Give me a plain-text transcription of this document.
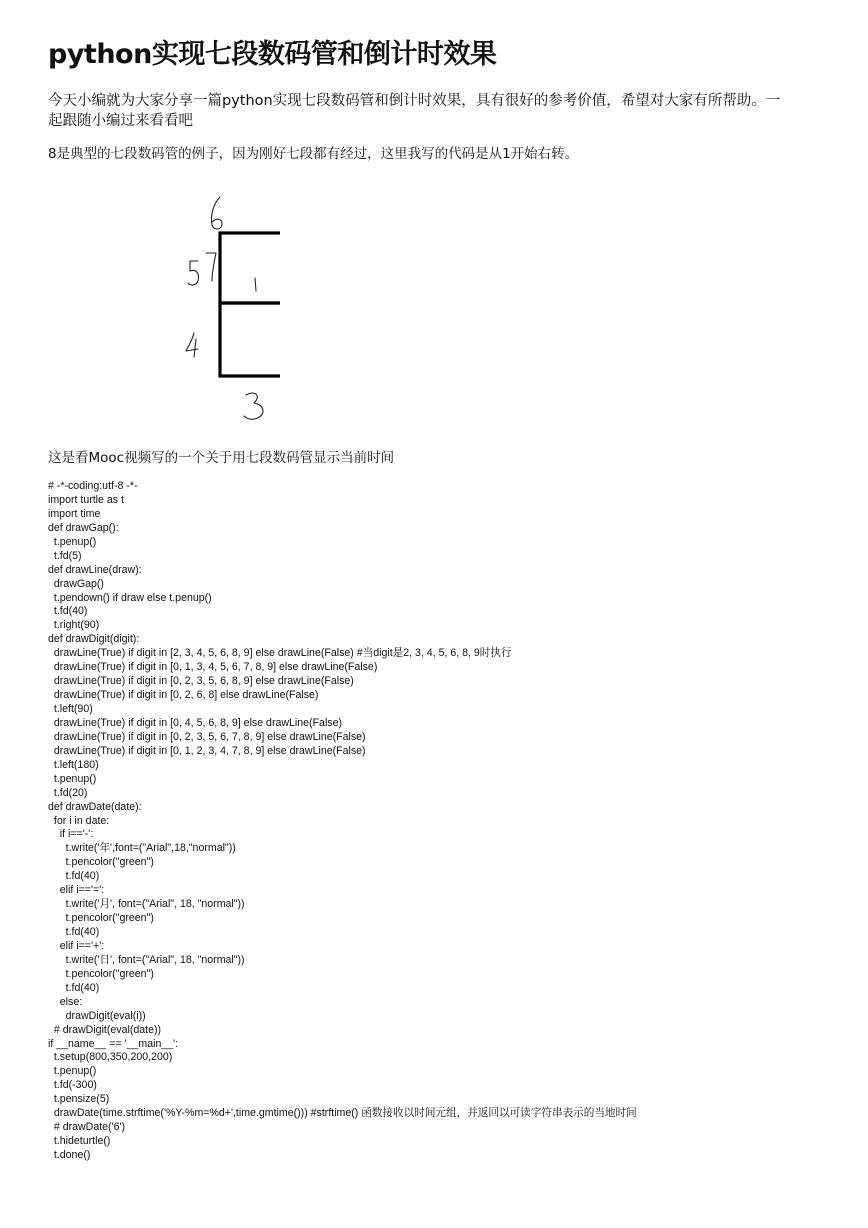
python实现七段数码管和倒计时效果

今天小编就为大家分享一篇python实现七段数码管和倒计时效果，具有很好的参考价值，希望对大家有所帮助。一起跟随小编过来看看吧

8是典型的七段数码管的例子，因为刚好七段都有经过，这里我写的代码是从1开始右转。

这是看Mooc视频写的一个关于用七段数码管显示当前时间

# -*-coding:utf-8 -*-
import turtle as t
import time
def drawGap():
t.penup()
t.fd(5)
def drawLine(draw):
drawGap()
t.pendown() if draw else t.penup()
t.fd(40)
t.right(90)
def drawDigit(digit):
drawLine(True) if digit in [2, 3, 4, 5, 6, 8, 9] else drawLine(False) #当digit是2, 3, 4, 5, 6, 8, 9时执行
drawLine(True) if digit in [0, 1, 3, 4, 5, 6, 7, 8, 9] else drawLine(False)
drawLine(True) if digit in [0, 2, 3, 5, 6, 8, 9] else drawLine(False)
drawLine(True) if digit in [0, 2, 6, 8] else drawLine(False)
t.left(90)
drawLine(True) if digit in [0, 4, 5, 6, 8, 9] else drawLine(False)
drawLine(True) if digit in [0, 2, 3, 5, 6, 7, 8, 9] else drawLine(False)
drawLine(True) if digit in [0, 1, 2, 3, 4, 7, 8, 9] else drawLine(False)
t.left(180)
t.penup()
t.fd(20)
def drawDate(date):
for i in date:
if i=='-':
t.write('年',font=("Arial",18,"normal"))
t.pencolor("green")
t.fd(40)
elif i=='=':
t.write('月', font=("Arial", 18, "normal"))
t.pencolor("green")
t.fd(40)
elif i=='+':
t.write('日', font=("Arial", 18, "normal"))
t.pencolor("green")
t.fd(40)
else:
drawDigit(eval(i))
# drawDigit(eval(date))
if __name__ == '__main__':
t.setup(800,350,200,200)
t.penup()
t.fd(-300)
t.pensize(5)
drawDate(time.strftime('%Y-%m=%d+',time.gmtime())) #strftime() 函数接收以时间元组，并返回以可读字符串表示的当地时间
# drawDate('6')
t.hideturtle()
t.done()
